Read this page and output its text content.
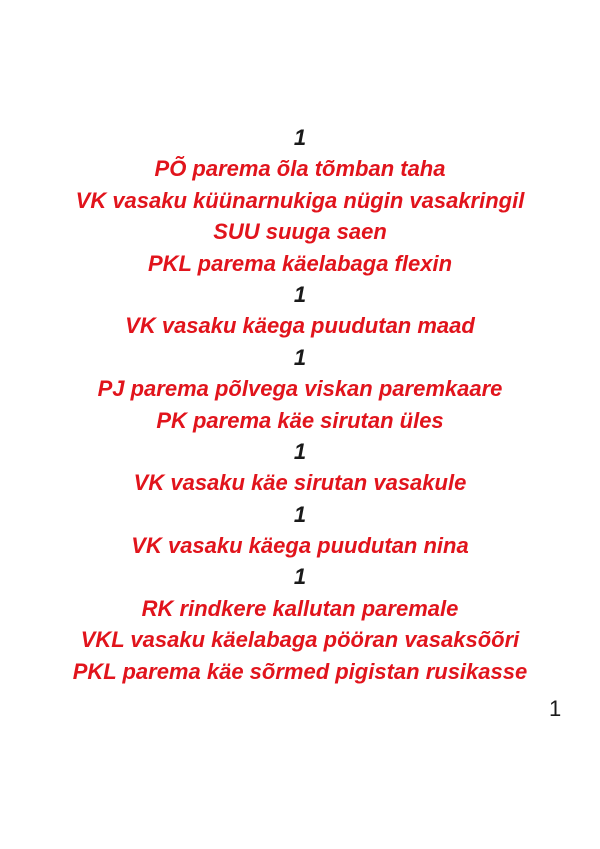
1
PÕ parema õla tõmban taha
VK vasaku küünarnukiga nügin vasakringil
SUU suuga saen
PKL parema käelabaga flexin
1
VK vasaku käega puudutan maad
1
PJ parema põlvega viskan paremkaare
PK parema käe sirutan üles
1
VK vasaku käe sirutan vasakule
1
VK vasaku käega puudutan nina
1
RK rindkere kallutan paremale
VKL vasaku käelabaga pööran vasaksõõri
PKL parema käe sõrmed pigistan rusikasse
1
